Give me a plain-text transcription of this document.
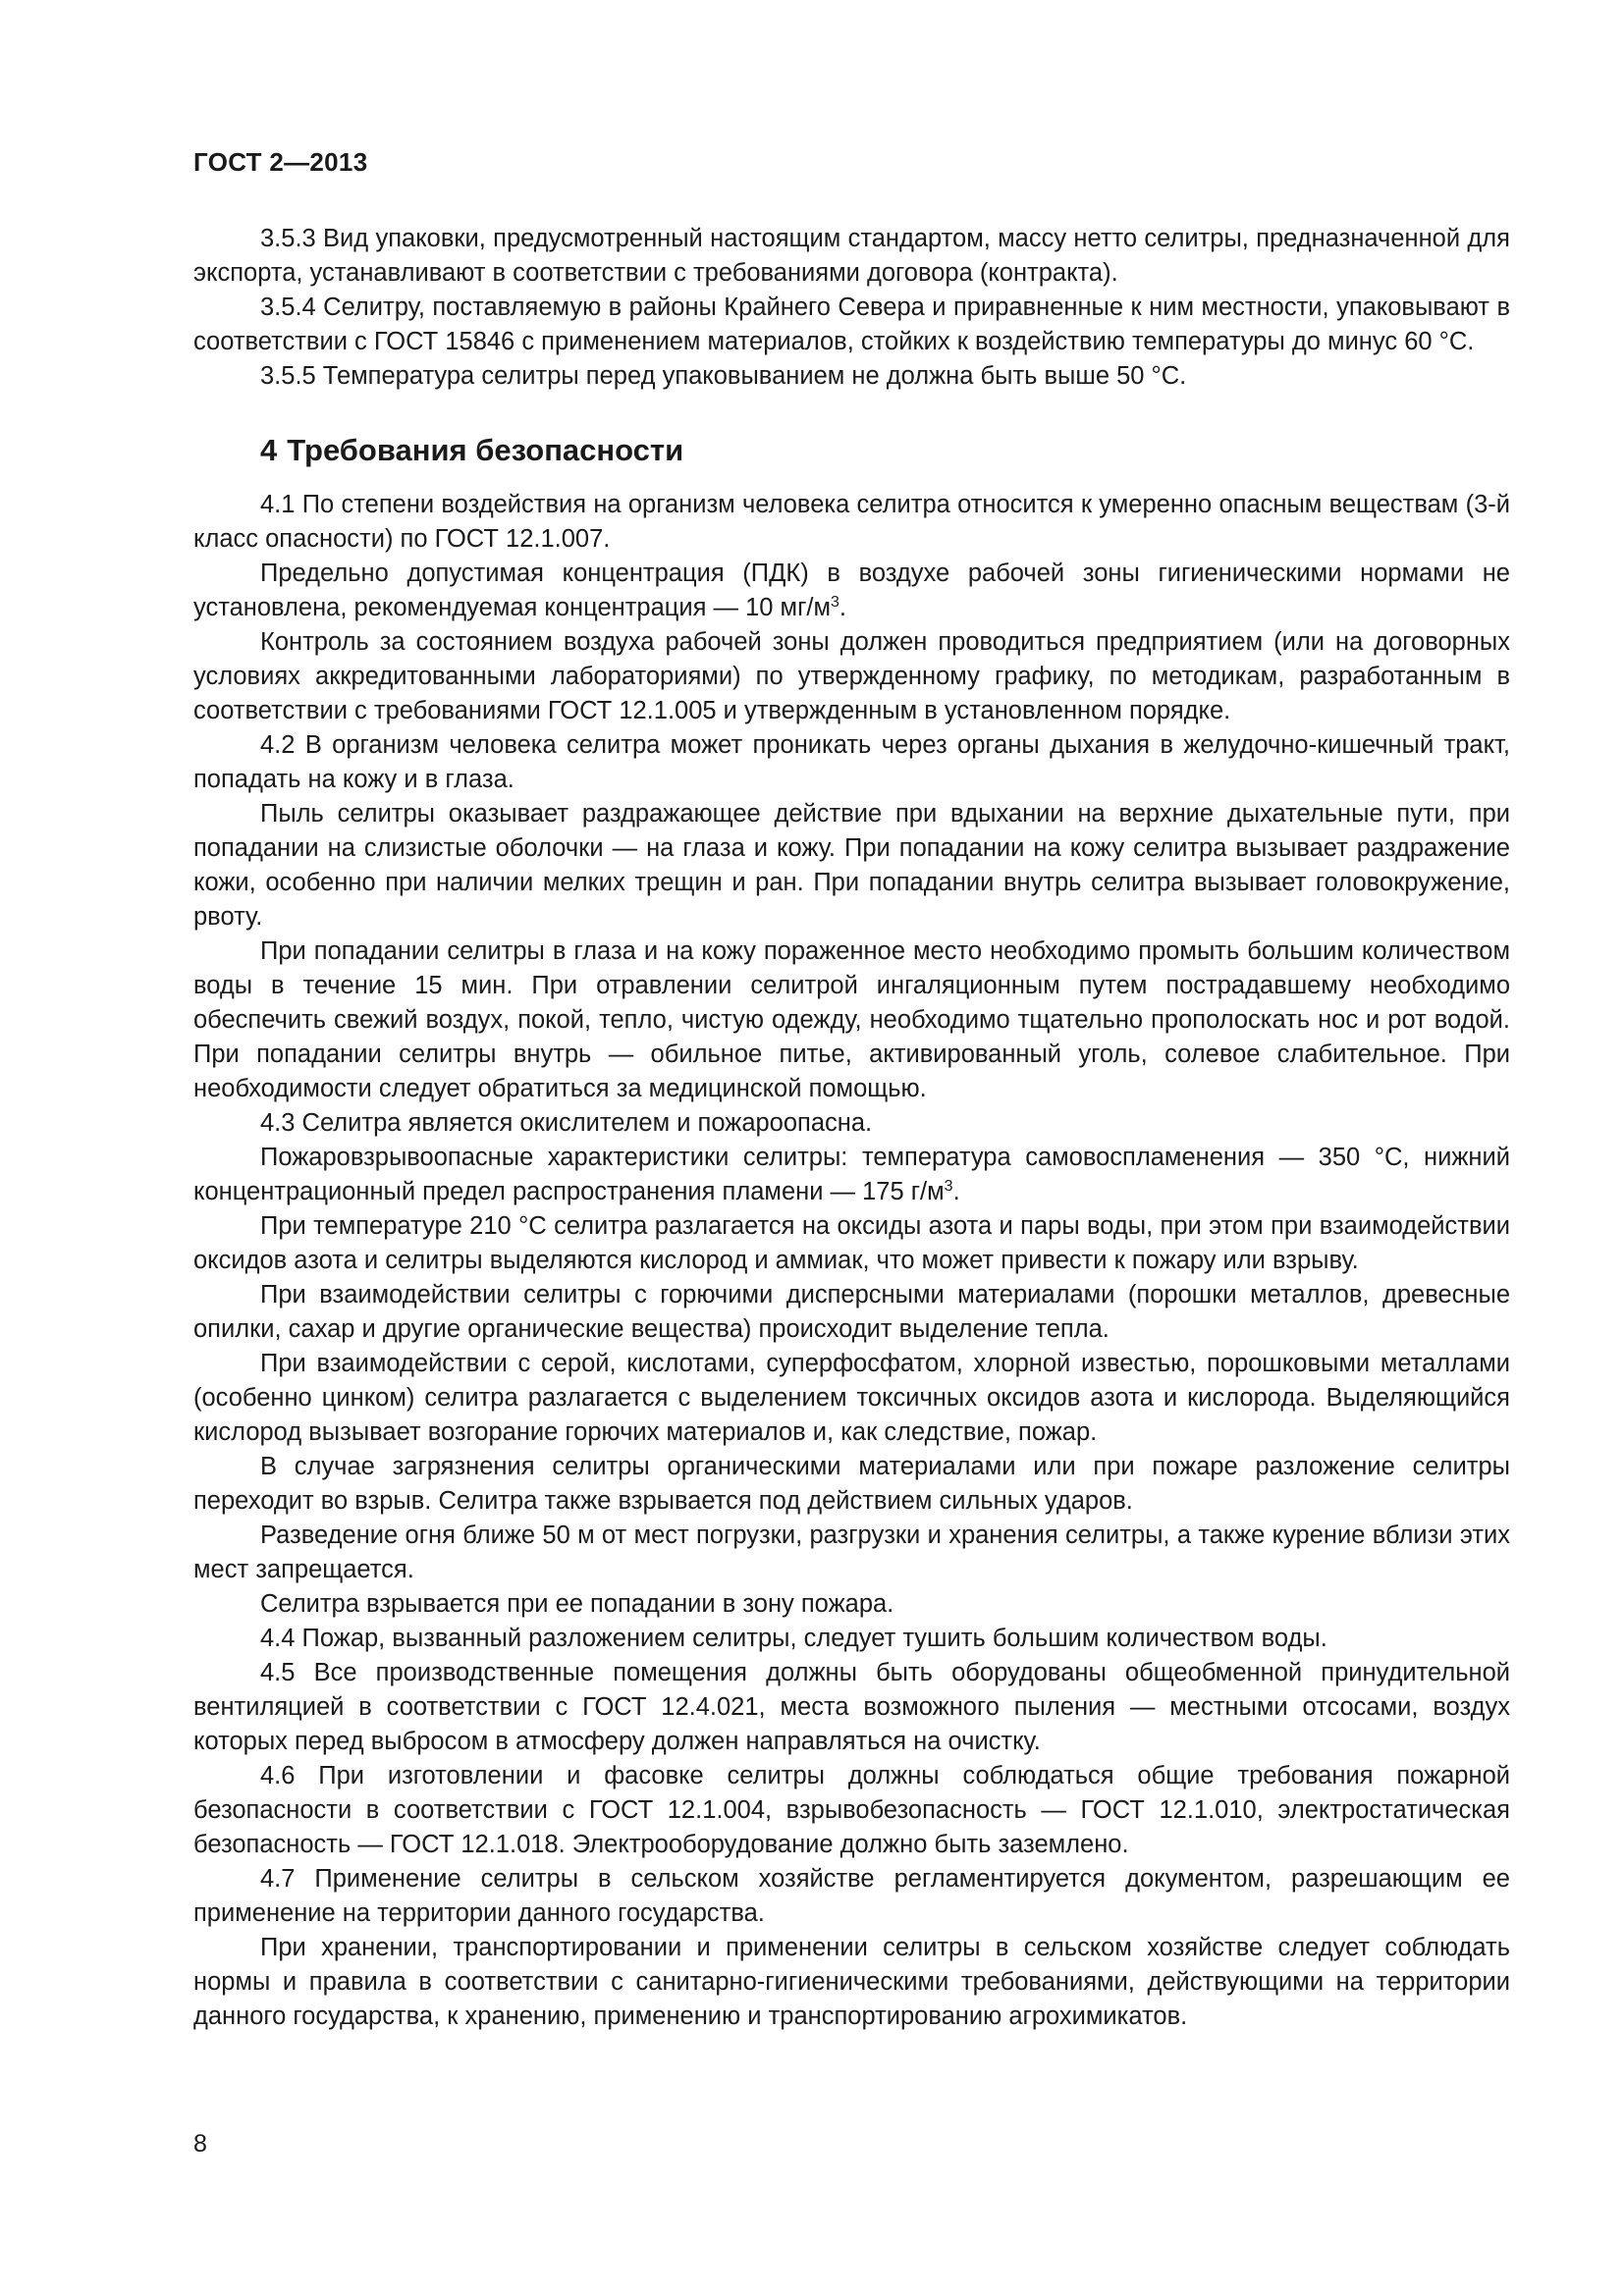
ГОСТ 2—2013

3.5.3 Вид упаковки, предусмотренный настоящим стандартом, массу нетто селитры, предназначенной для экспорта, устанавливают в соответствии с требованиями договора (контракта).

3.5.4 Селитру, поставляемую в районы Крайнего Севера и приравненные к ним местности, упаковывают в соответствии с ГОСТ 15846 с применением материалов, стойких к воздействию температуры до минус 60 °С.

3.5.5 Температура селитры перед упаковыванием не должна быть выше 50 °С.

4 Требования безопасности

4.1 По степени воздействия на организм человека селитра относится к умеренно опасным веществам (3-й класс опасности) по ГОСТ 12.1.007.

Предельно допустимая концентрация (ПДК) в воздухе рабочей зоны гигиеническими нормами не установлена, рекомендуемая концентрация — 10 $мг/м^3$.

Контроль за состоянием воздуха рабочей зоны должен проводиться предприятием (или на договорных условиях аккредитованными лабораториями) по утвержденному графику, по методикам, разработанным в соответствии с требованиями ГОСТ 12.1.005 и утвержденным в установленном порядке.

4.2 В организм человека селитра может проникать через органы дыхания в желудочно-кишечный тракт, попадать на кожу и в глаза.

Пыль селитры оказывает раздражающее действие при вдыхании на верхние дыхательные пути, при попадании на слизистые оболочки — на глаза и кожу. При попадании на кожу селитра вызывает раздражение кожи, особенно при наличии мелких трещин и ран. При попадании внутрь селитра вызывает головокружение, рвоту.

При попадании селитры в глаза и на кожу пораженное место необходимо промыть большим количеством воды в течение 15 мин. При отравлении селитрой ингаляционным путем пострадавшему необходимо обеспечить свежий воздух, покой, тепло, чистую одежду, необходимо тщательно прополоскать нос и рот водой. При попадании селитры внутрь — обильное питье, активированный уголь, солевое слабительное. При необходимости следует обратиться за медицинской помощью.

4.3 Селитра является окислителем и пожароопасна.

Пожаровзрывоопасные характеристики селитры: температура самовоспламенения — 350 °С, нижний концентрационный предел распространения пламени — 175 $г/м^3$.

При температуре 210 °С селитра разлагается на оксиды азота и пары воды, при этом при взаимодействии оксидов азота и селитры выделяются кислород и аммиак, что может привести к пожару или взрыву.

При взаимодействии селитры с горючими дисперсными материалами (порошки металлов, древесные опилки, сахар и другие органические вещества) происходит выделение тепла.

При взаимодействии с серой, кислотами, суперфосфатом, хлорной известью, порошковыми металлами (особенно цинком) селитра разлагается с выделением токсичных оксидов азота и кислорода. Выделяющийся кислород вызывает возгорание горючих материалов и, как следствие, пожар.

В случае загрязнения селитры органическими материалами или при пожаре разложение селитры переходит во взрыв. Селитра также взрывается под действием сильных ударов.

Разведение огня ближе 50 м от мест погрузки, разгрузки и хранения селитры, а также курение вблизи этих мест запрещается.

Селитра взрывается при ее попадании в зону пожара.

4.4 Пожар, вызванный разложением селитры, следует тушить большим количеством воды.

4.5 Все производственные помещения должны быть оборудованы общеобменной принудительной вентиляцией в соответствии с ГОСТ 12.4.021, места возможного пыления — местными отсосами, воздух которых перед выбросом в атмосферу должен направляться на очистку.

4.6 При изготовлении и фасовке селитры должны соблюдаться общие требования пожарной безопасности в соответствии с ГОСТ 12.1.004, взрывобезопасность — ГОСТ 12.1.010, электростатическая безопасность — ГОСТ 12.1.018. Электрооборудование должно быть заземлено.

4.7 Применение селитры в сельском хозяйстве регламентируется документом, разрешающим ее применение на территории данного государства.

При хранении, транспортировании и применении селитры в сельском хозяйстве следует соблюдать нормы и правила в соответствии с санитарно-гигиеническими требованиями, действующими на территории данного государства, к хранению, применению и транспортированию агрохимикатов.

8
